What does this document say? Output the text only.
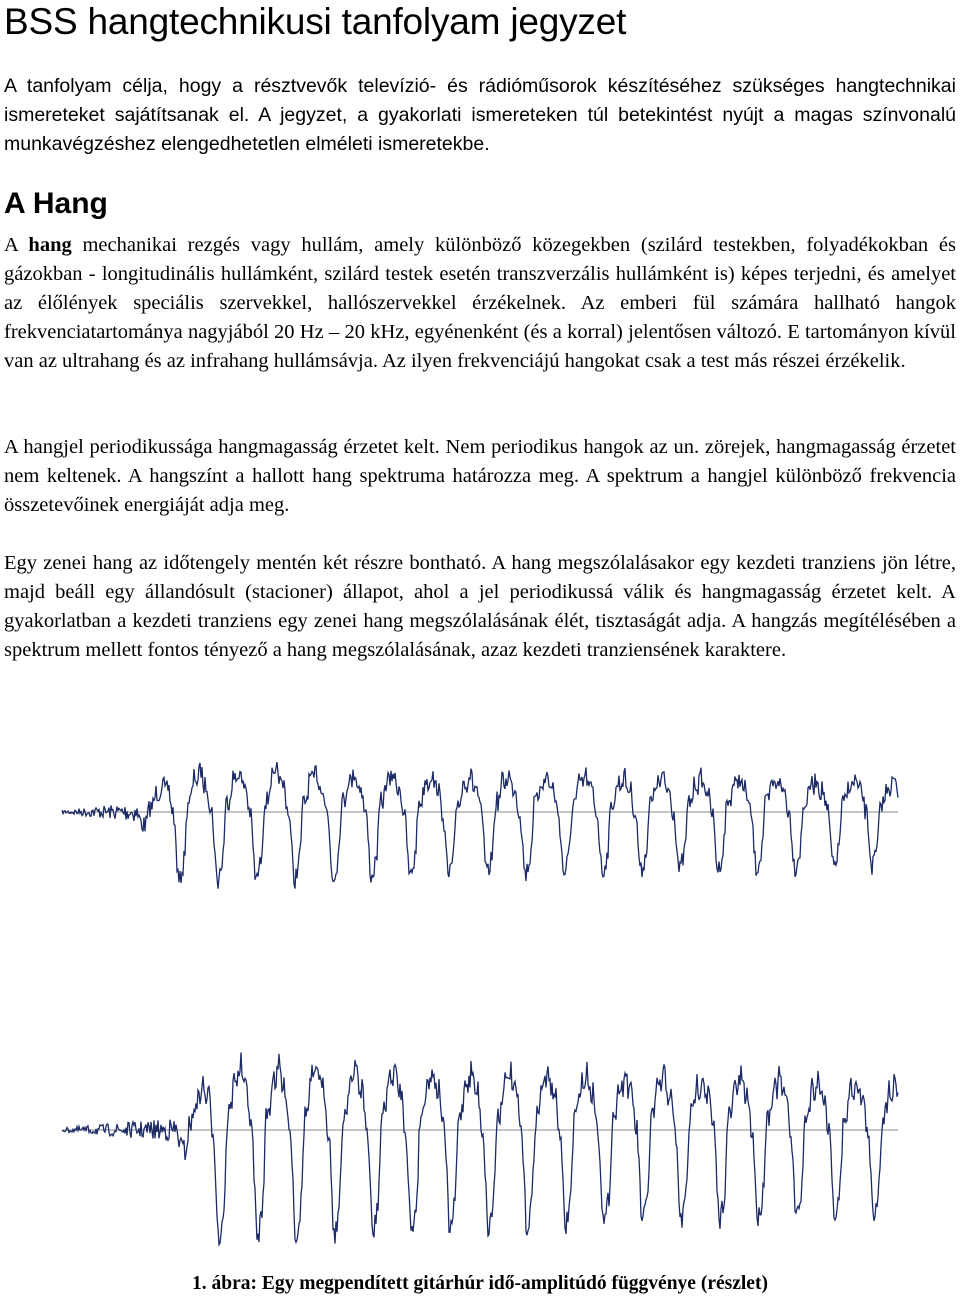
BSS hangtechnikusi tanfolyam jegyzet

A tanfolyam célja, hogy a résztvevők televízió- és rádióműsorok készítéséhez szükséges hangtechnikai ismereteket sajátítsanak el. A jegyzet, a gyakorlati ismereteken túl betekintést nyújt a magas színvonalú munkavégzéshez elengedhetetlen elméleti ismeretekbe.

A Hang

A hang mechanikai rezgés vagy hullám, amely különböző közegekben (szilárd testekben, folyadékokban és gázokban - longitudinális hullámként, szilárd testek esetén transzverzális hullámként is) képes terjedni, és amelyet az élőlények speciális szervekkel, hallószervekkel érzékelnek. Az emberi fül számára hallható hangok frekvenciatartománya nagyjából 20 Hz – 20 kHz, egyénenként (és a korral) jelentősen változó. E tartományon kívül van az ultrahang és az infrahang hullámsávja. Az ilyen frekvenciájú hangokat csak a test más részei érzékelik.

A hangjel periodikussága hangmagasság érzetet kelt. Nem periodikus hangok az un. zörejek, hangmagasság érzetet nem keltenek. A hangszínt a hallott hang spektruma határozza meg. A spektrum a hangjel különböző frekvencia összetevőinek energiáját adja meg.

Egy zenei hang az időtengely mentén két részre bontható. A hang megszólalásakor egy kezdeti tranziens jön létre, majd beáll egy állandósult (stacioner) állapot, ahol a jel periodikussá válik és hangmagasság érzetet kelt. A gyakorlatban a kezdeti tranziens egy zenei hang megszólalásának élét, tisztaságát adja. A hangzás megítélésében a spektrum mellett fontos tényező a hang megszólalásának, azaz kezdeti tranziensének karaktere.

1. ábra: Egy megpendített gitárhúr idő-amplitúdó függvénye (részlet)
